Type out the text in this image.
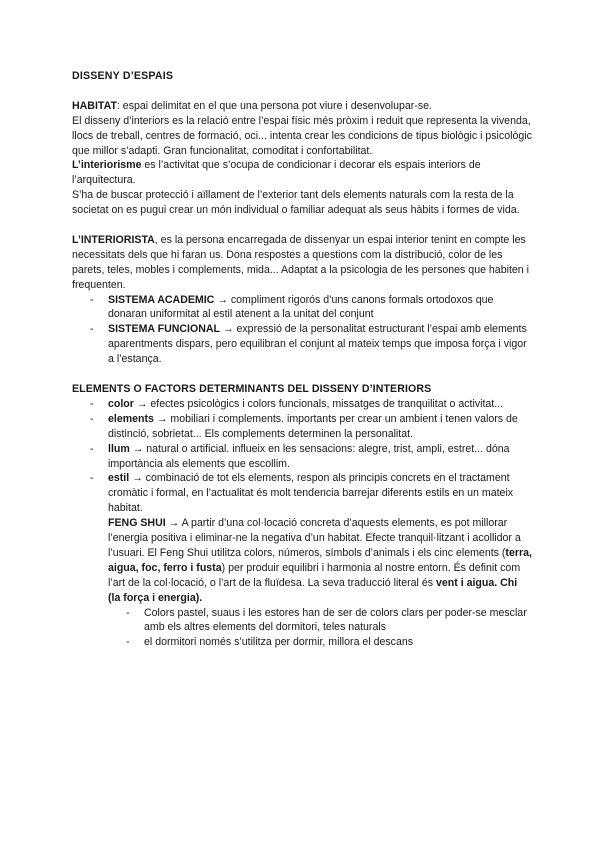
DISSENY D’ESPAIS

HABITAT: espai delimitat en el que una persona pot viure i desenvolupar-se.

El disseny d’interiors es la relació entre l’espai físic més pròxim i reduit que representa la vivenda, llocs de treball, centres de formació, oci... intenta crear les condicions de tipus biològic i psicològic que millor s’adapti. Gran funcionalitat, comoditat i confortabilitat.

L’interiorisme es l’activitat que s’ocupa de condicionar i decorar els espais interiors de l’arquitectura.

S’ha de buscar protecció i aïllament de l’exterior tant dels elements naturals com la resta de la societat on es pugui crear un món individual o familiar adequat als seus hàbits i formes de vida.

L’INTERIORISTA, es la persona encarregada de dissenyar un espai interior tenint en compte les necessitats dels que hi faran us. Dona respostes a questions com la distribució, color de les parets, teles, mobles i complements, mida... Adaptat a la psicologia de les persones que habiten i frequenten.

- SISTEMA ACADEMIC → compliment rigorós d’uns canons formals ortodoxos que donaran uniformitat al estil atenent a la unitat del conjunt
- SISTEMA FUNCIONAL → expressió de la personalitat estructurant l’espai amb elements aparentments dispars, pero equilibran el conjunt al mateix temps que imposa força i vigor a l’estança.

ELEMENTS O FACTORS DETERMINANTS DEL DISSENY D’INTERIORS

- color → efectes psicològics i colors funcionals, missatges de tranquilitat o activitat...
- elements → mobiliari i complements. importants per crear un ambient i tenen valors de distinció, sobrietat... Els complements determinen la personalitat.
- llum → natural o artificial. influeix en les sensacions: alegre, trist, ampli, estret... dóna importància als elements que escollim.
- estil → combinació de tot els elements, respon als principis concrets en el tractament cromàtic i formal, en l’actualitat és molt tendencia barrejar diferents estils en un mateix habitat.

FENG SHUI → A partir d’una col·locació concreta d’aquests elements, es pot millorar l’energia positiva i eliminar-ne la negativa d’un habitat. Efecte tranquil·litzant i acollidor a l’usuari. El Feng Shui utilitza colors, números, símbols d’animals i els cinc elements (terra, aigua, foc, ferro i fusta) per produir equilibri i harmonia al nostre entorn. És definit com l’art de la col·locació, o l’art de la fluïdesa. La seva traducció literal és vent i aigua. Chi (la força i energia).

- Colors pastel, suaus i les estores han de ser de colors clars per poder-se mesclar amb els altres elements del dormitori, teles naturals
- el dormitori només s’utilitza per dormir, millora el descans
